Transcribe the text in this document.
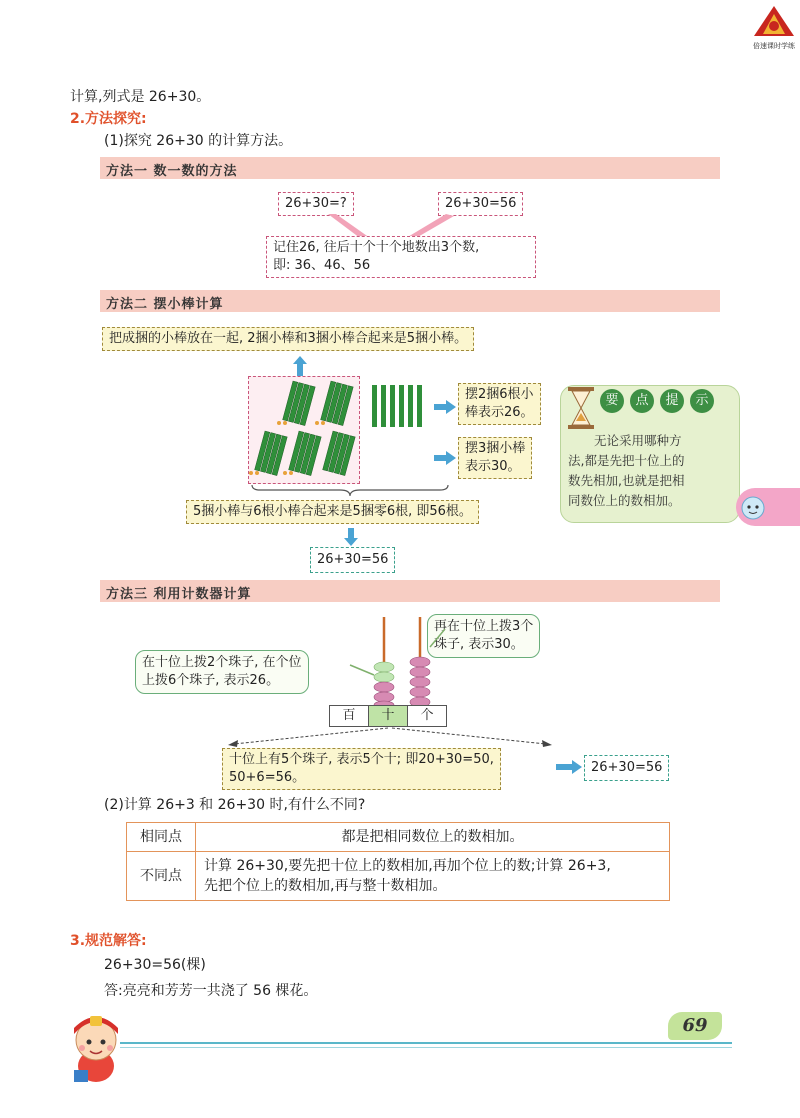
倍速课时学练
计算,列式是 26+30。
2.方法探究:
(1)探究 26+30 的计算方法。
方法一 数一数的方法
26+30=?	26+30=56
记住26, 往后十个十个地数出3个数,
即: 36、46、56
方法二 摆小棒计算
把成捆的小棒放在一起, 2捆小棒和3捆小棒合起来是5捆小棒。
摆2捆6根小
棒表示26。
摆3捆小棒
表示30。
5捆小棒与6根小棒合起来是5捆零6根, 即56根。
26+30=56
要	点	提	示
无论采用哪种方
法,都是先把十位上的
数先相加,也就是把相
同数位上的数相加。
方法三 利用计数器计算
再在十位上拨3个
珠子, 表示30。
在十位上拨2个珠子, 在个位
上拨6个珠子, 表示26。
百	十	个
十位上有5个珠子, 表示5个十; 即20+30=50,
50+6=56。
26+30=56
(2)计算 26+3 和 26+30 时,有什么不同?
相同点	都是把相同数位上的数相加。
不同点	计算 26+30,要先把十位上的数相加,再加个位上的数;计算 26+3,
先把个位上的数相加,再与整十数相加。
3.规范解答:
26+30=56(棵)
答:亮亮和芳芳一共浇了 56 棵花。
69
